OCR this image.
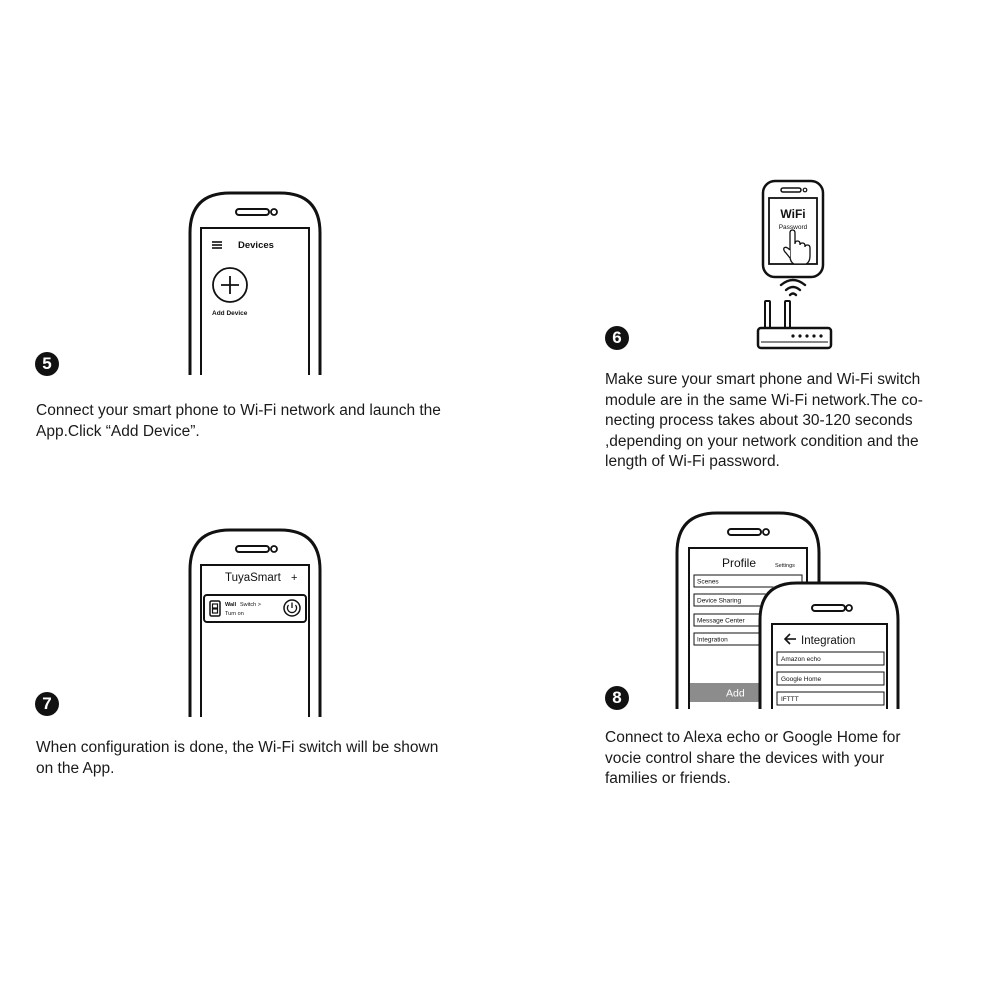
Devices
Add Device
5
Connect your smart phone to Wi-Fi network and launch the
App.Click “Add Device”.
WiFi
Password
6
Make sure your smart phone and Wi-Fi switch
module are in the same Wi-Fi network.The co-
necting process takes about 30-120 seconds
,depending on your network condition and the
length of Wi-Fi password.
TuyaSmart +
Wall Switch >
Turn on
7
When configuration is done, the Wi-Fi switch will be shown
on the App.
Profile	Settings
Scenes
Device Sharing
Message Center
Integration
Add
Integration
Amazon echo
Google Home
IFTTT
8
Connect to Alexa echo or Google Home for
vocie control share the devices with your
families or friends.
